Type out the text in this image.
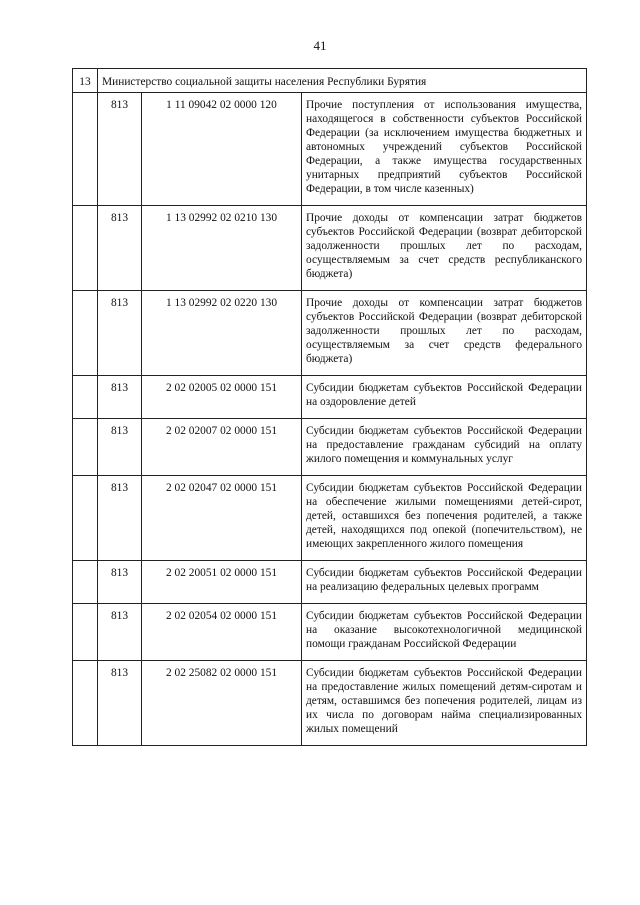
41
13	Министерство социальной защиты населения Республики Бурятия		
	813	1 11 09042 02 0000 120	Прочие поступления от использования имущества, находящегося в собственности субъектов Российской Федерации (за исключением имущества бюджетных и автономных учреждений субъектов Российской Федерации, а также имущества государственных унитарных предприятий субъектов Российской Федерации, в том числе казенных)
	813	1 13 02992 02 0210 130	Прочие доходы от компенсации затрат бюджетов субъектов Российской Федерации (возврат дебиторской задолженности прошлых лет по расходам, осуществляемым за счет средств республиканского бюджета)
	813	1 13 02992 02 0220 130	Прочие доходы от компенсации затрат бюджетов субъектов Российской Федерации (возврат дебиторской задолженности прошлых лет по расходам, осуществляемым за счет средств федерального бюджета)
	813	2 02 02005 02 0000 151	Субсидии бюджетам субъектов Российской Федерации на оздоровление детей
	813	2 02 02007 02 0000 151	Субсидии бюджетам субъектов Российской Федерации на предоставление гражданам субсидий на оплату жилого помещения и коммунальных услуг
	813	2 02 02047 02 0000 151	Субсидии бюджетам субъектов Российской Федерации на обеспечение жилыми помещениями детей-сирот, детей, оставшихся без попечения родителей, а также детей, находящихся под опекой (попечительством), не имеющих закрепленного жилого помещения
	813	2 02 20051 02 0000 151	Субсидии бюджетам субъектов Российской Федерации на реализацию федеральных целевых программ
	813	2 02 02054 02 0000 151	Субсидии бюджетам субъектов Российской Федерации на оказание высокотехнологичной медицинской помощи гражданам Российской Федерации
	813	2 02 25082 02 0000 151	Субсидии бюджетам субъектов Российской Федерации на предоставление жилых помещений детям-сиротам и детям, оставшимся без попечения родителей, лицам из их числа по договорам найма специализированных жилых помещений
